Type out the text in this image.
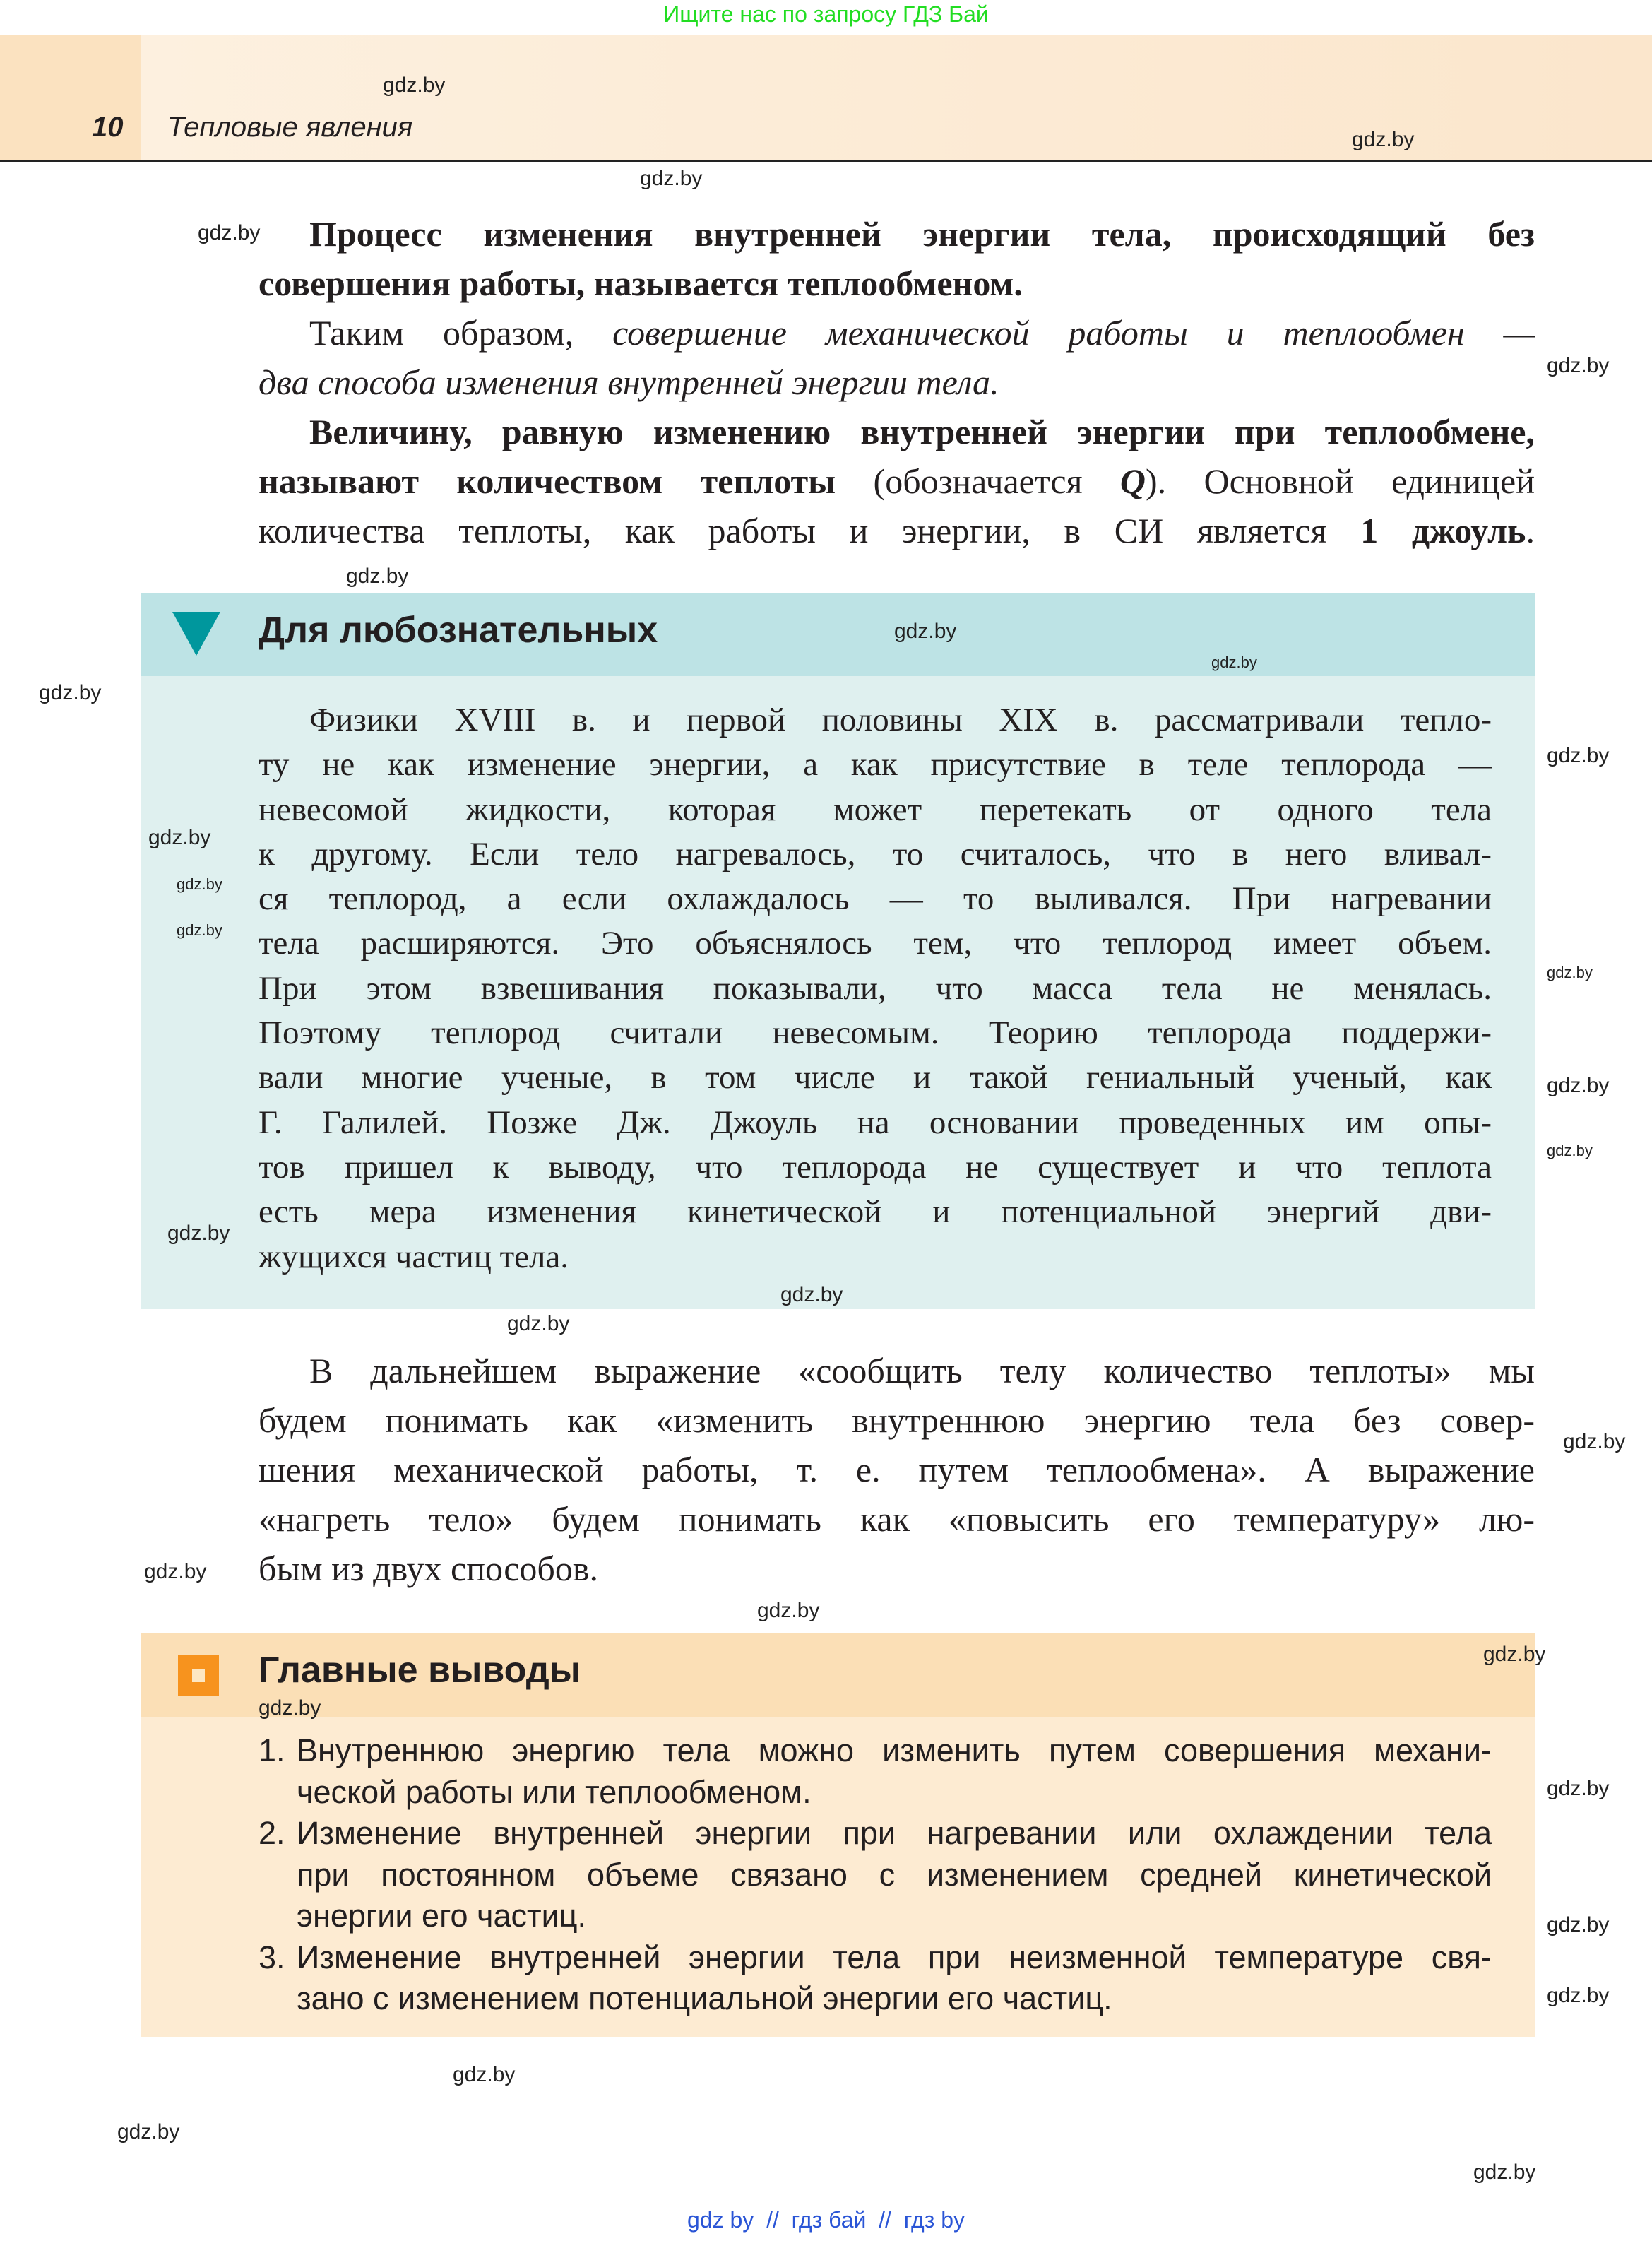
Ищите нас по запросу ГДЗ Бай
10 Тепловые явления
Процесс изменения внутренней энергии тела, происходящий без
совершения работы, называется теплообменом.
Таким образом, совершение механической работы и теплообмен —
два способа изменения внутренней энергии тела.
Величину, равную изменению внутренней энергии при теплообмене,
называют количеством теплоты (обозначается Q). Основной единицей
количества теплоты, как работы и энергии, в СИ является 1 джоуль.
Для любознательных
Физики XVIII в. и первой половины XIX в. рассматривали тепло-
ту не как изменение энергии, а как присутствие в теле теплорода —
невесомой жидкости, которая может перетекать от одного тела
к другому. Если тело нагревалось, то считалось, что в него вливал-
ся теплород, а если охлаждалось — то выливался. При нагревании
тела расширяются. Это объяснялось тем, что теплород имеет объем.
При этом взвешивания показывали, что масса тела не менялась.
Поэтому теплород считали невесомым. Теорию теплорода поддержи-
вали многие ученые, в том числе и такой гениальный ученый, как
Г. Галилей. Позже Дж. Джоуль на основании проведенных им опы-
тов пришел к выводу, что теплорода не существует и что теплота
есть мера изменения кинетической и потенциальной энергий дви-
жущихся частиц тела.
В дальнейшем выражение «сообщить телу количество теплоты» мы
будем понимать как «изменить внутреннюю энергию тела без совер-
шения механической работы, т. е. путем теплообмена». А выражение
«нагреть тело» будем понимать как «повысить его температуру» лю-
бым из двух способов.
Главные выводы
1. Внутреннюю энергию тела можно изменить путем совершения механи-
ческой работы или теплообменом.
2. Изменение внутренней энергии при нагревании или охлаждении тела
при постоянном объеме связано с изменением средней кинетической
энергии его частиц.
3. Изменение внутренней энергии тела при неизменной температуре свя-
зано с изменением потенциальной энергии его частиц.
gdz.by
gdz.by
gdz.by
gdz.by
gdz.by
gdz.by
gdz.by
gdz.by
gdz.by
gdz.by
gdz.by
gdz.by
gdz.by
gdz.by
gdz.by
gdz.by
gdz.by
gdz.by
gdz.by
gdz.by
gdz.by
gdz.by
gdz.by
gdz.by
gdz.by
gdz.by
gdz.by
gdz.by
gdz.by
gdz.by
gdz by  //  гдз бай  //  гдз by
